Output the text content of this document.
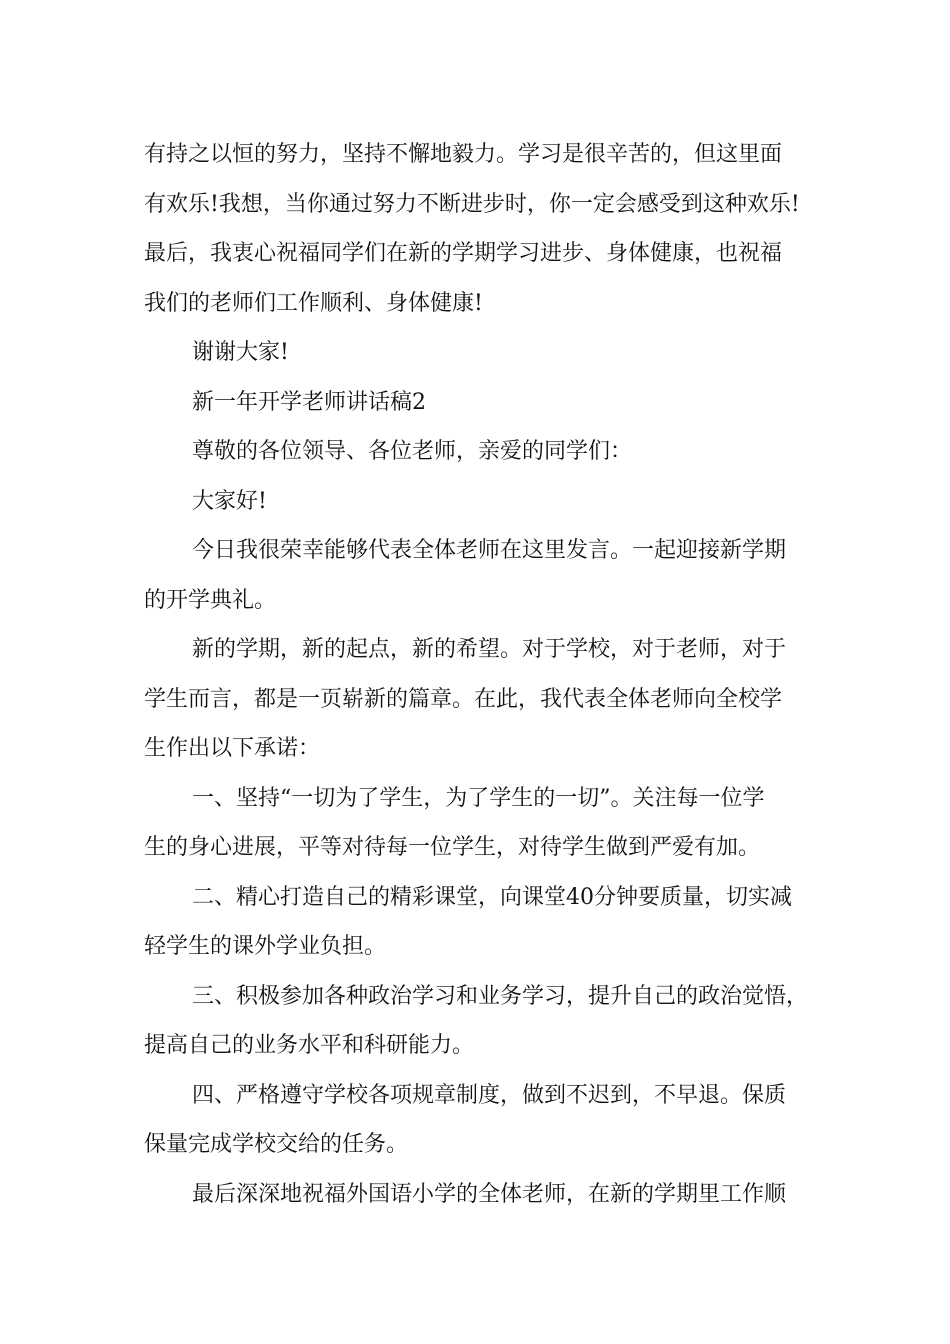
有持之以恒的努力，坚持不懈地毅力。学习是很辛苦的，但这里面
有欢乐!我想，当你通过努力不断进步时，你一定会感受到这种欢乐!
最后，我衷心祝福同学们在新的学期学习进步、身体健康，也祝福
我们的老师们工作顺利、身体健康!
谢谢大家!
新一年开学老师讲话稿2
尊敬的各位领导、各位老师，亲爱的同学们：
大家好!
今日我很荣幸能够代表全体老师在这里发言。一起迎接新学期
的开学典礼。
新的学期，新的起点，新的希望。对于学校，对于老师，对于
学生而言，都是一页崭新的篇章。在此，我代表全体老师向全校学
生作出以下承诺：
一、坚持“一切为了学生，为了学生的一切”。关注每一位学
生的身心进展，平等对待每一位学生，对待学生做到严爱有加。
二、精心打造自己的精彩课堂，向课堂40分钟要质量，切实减
轻学生的课外学业负担。
三、积极参加各种政治学习和业务学习，提升自己的政治觉悟，
提高自己的业务水平和科研能力。
四、严格遵守学校各项规章制度，做到不迟到，不早退。保质
保量完成学校交给的任务。
最后深深地祝福外国语小学的全体老师，在新的学期里工作顺
